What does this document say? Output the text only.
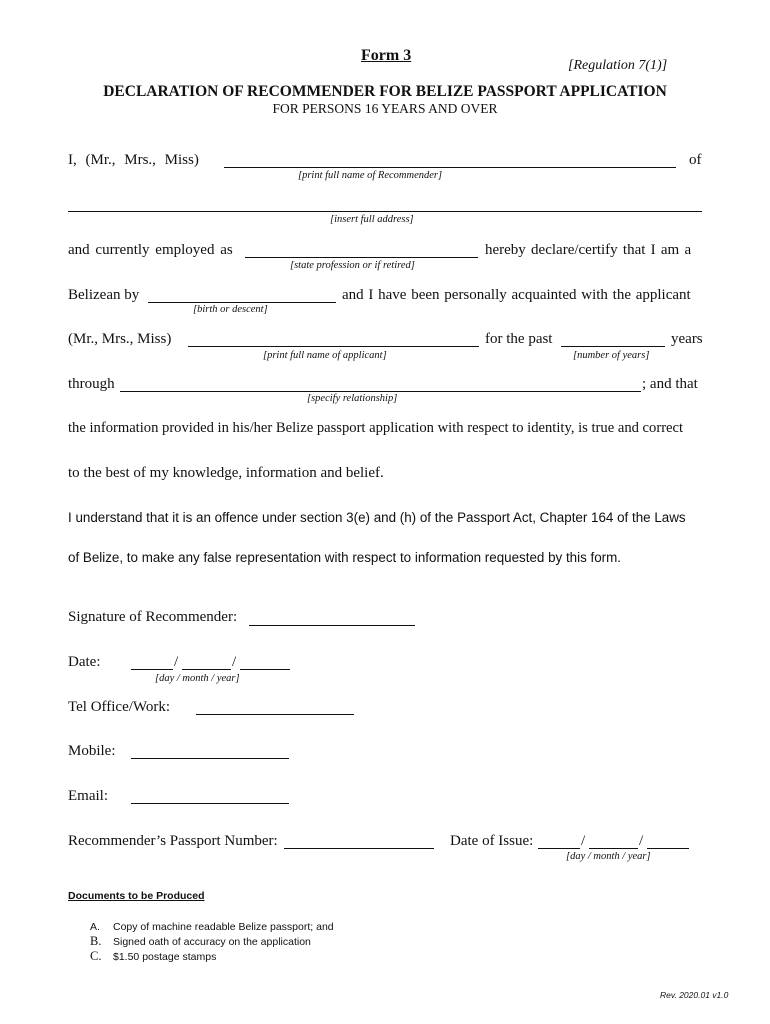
Form 3
[Regulation 7(1)]
DECLARATION OF RECOMMENDER FOR BELIZE PASSPORT APPLICATION
FOR PERSONS 16 YEARS AND OVER
I, (Mr., Mrs., Miss)	of
[print full name of Recommender]
[insert full address]
and currently employed as	hereby declare/certify that I am a
[state profession or if retired]
Belizean by	and I have been personally acquainted with the applicant
[birth or descent]
(Mr., Mrs., Miss)	for the past	years
[print full name of applicant]	[number of years]
through	; and that
[specify relationship]
the information provided in his/her Belize passport application with respect to identity, is true and correct
to the best of my knowledge, information and belief.
I understand that it is an offence under section 3(e) and (h) of the Passport Act, Chapter 164 of the Laws
of Belize, to make any false representation with respect to information requested by this form.
Signature of Recommender:
Date:	/	/
[day / month / year]
Tel Office/Work:
Mobile:
Email:
Recommender’s Passport Number:	Date of Issue:	/	/
[day / month / year]
Documents to be Produced
A. Copy of machine readable Belize passport; and
B. Signed oath of accuracy on the application
C. $1.50 postage stamps
Rev. 2020.01 v1.0
